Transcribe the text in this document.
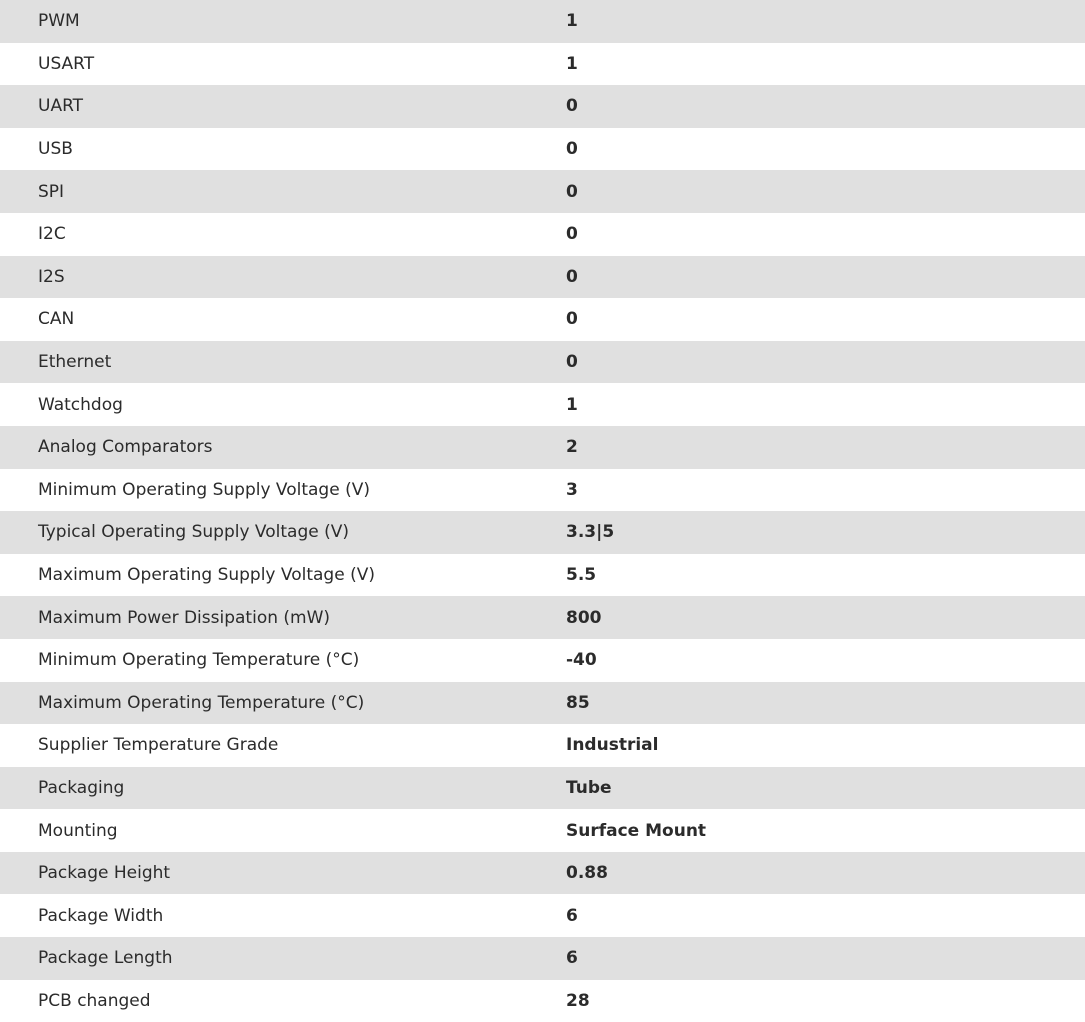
PWM	1
USART	1
UART	0
USB	0
SPI	0
I2C	0
I2S	0
CAN	0
Ethernet	0
Watchdog	1
Analog Comparators	2
Minimum Operating Supply Voltage (V)	3
Typical Operating Supply Voltage (V)	3.3|5
Maximum Operating Supply Voltage (V)	5.5
Maximum Power Dissipation (mW)	800
Minimum Operating Temperature (°C)	-40
Maximum Operating Temperature (°C)	85
Supplier Temperature Grade	Industrial
Packaging	Tube
Mounting	Surface Mount
Package Height	0.88
Package Width	6
Package Length	6
PCB changed	28
